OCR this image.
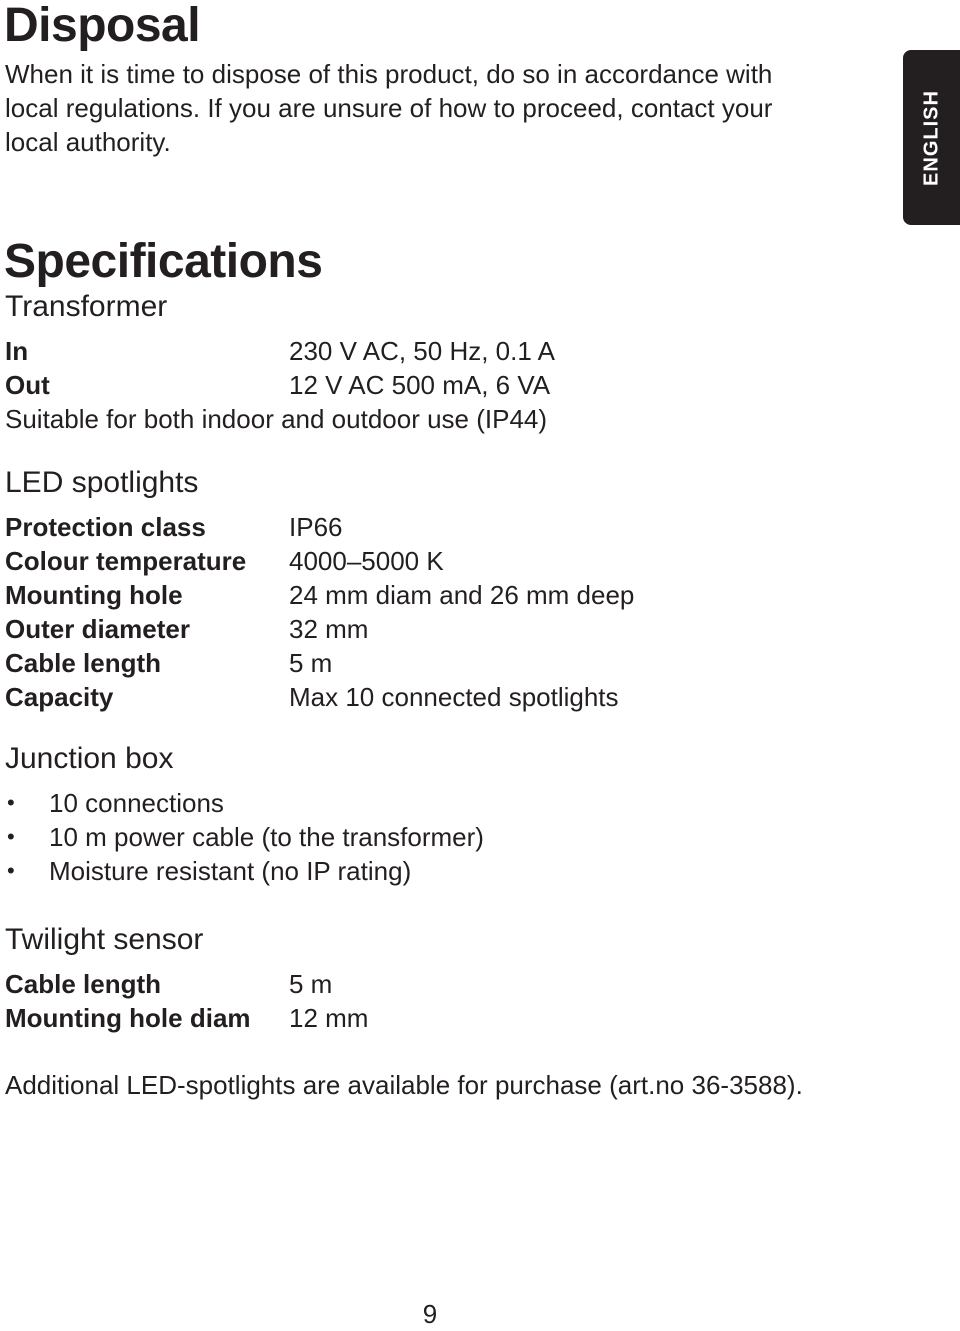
ENGLISH
Disposal
When it is time to dispose of this product, do so in accordance with
local regulations. If you are unsure of how to proceed, contact your
local authority.
Specifications
Transformer
In	230 V AC, 50 Hz, 0.1 A
Out	12 V AC 500 mA, 6 VA
Suitable for both indoor and outdoor use (IP44)
LED spotlights
Protection class	IP66
Colour temperature 4000–5000 K
Mounting hole	24 mm diam and 26 mm deep
Outer diameter	32 mm
Cable length	5 m
Capacity	Max 10 connected spotlights
Junction box
• 10 connections
• 10 m power cable (to the transformer)
• Moisture resistant (no IP rating)
Twilight sensor
Cable length	5 m
Mounting hole diam 12 mm
Additional LED-spotlights are available for purchase (art.no 36-3588).
9
